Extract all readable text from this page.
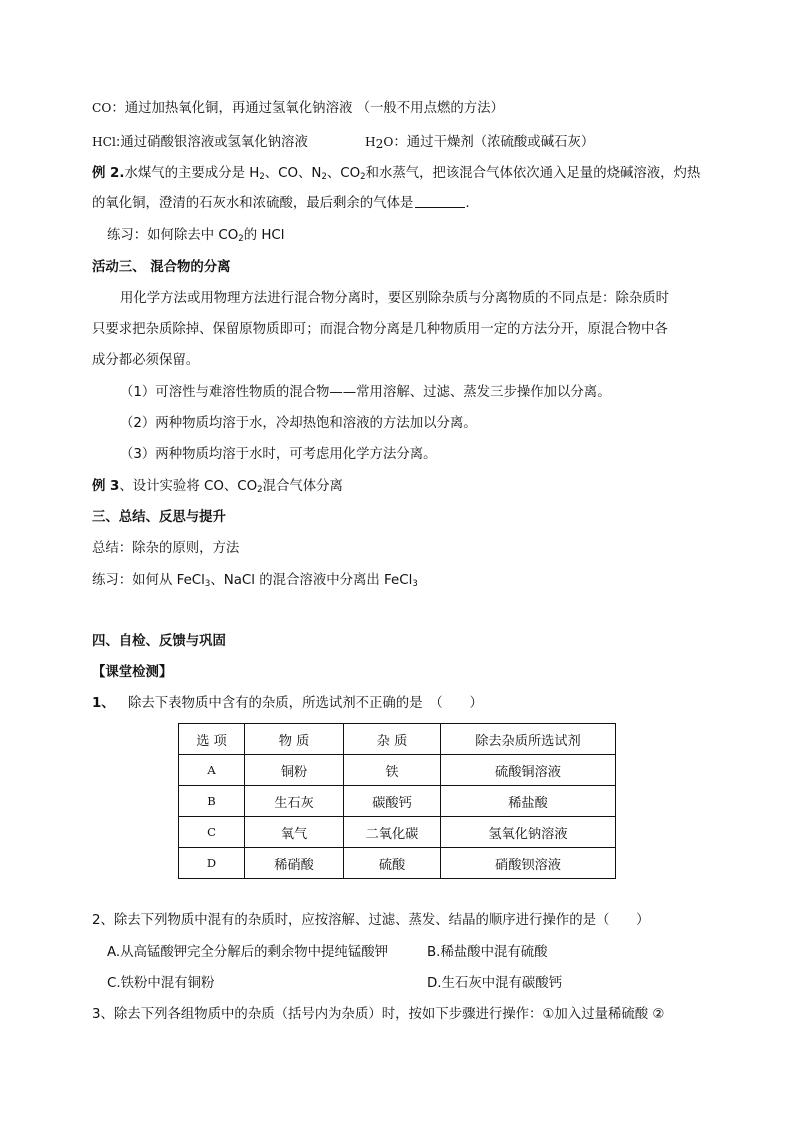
CO：通过加热氧化铜，再通过氢氧化钠溶液 （一般不用点燃的方法）
HCl:通过硝酸银溶液或氢氧化钠溶液	$H_2O$：通过干燥剂（浓硫酸或碱石灰）
例 2.水煤气的主要成分是 $H_2$、CO、$N_2$、$CO_2$和水蒸气，把该混合气体依次通入足量的烧碱溶液，灼热
的氧化铜，澄清的石灰水和浓硫酸，最后剩余的气体是	.
练习：如何除去中 $CO_2$的 HCl
活动三、 混合物的分离
用化学方法或用物理方法进行混合物分离时，要区别除杂质与分离物质的不同点是：除杂质时
只要求把杂质除掉、保留原物质即可；而混合物分离是几种物质用一定的方法分开，原混合物中各
成分都必须保留。
（1）可溶性与难溶性物质的混合物——常用溶解、过滤、蒸发三步操作加以分离。
（2）两种物质均溶于水，冷却热饱和溶液的方法加以分离。
（3）两种物质均溶于水时，可考虑用化学方法分离。
例 3、设计实验将 CO、$CO_2$混合气体分离
三、总结、反思与提升
总结：除杂的原则，方法
练习：如何从 FeCl$_3$、NaCl 的混合溶液中分离出 FeCl$_3$
四、自检、反馈与巩固
【课堂检测】
1、 除去下表物质中含有的杂质，所选试剂不正确的是　（　　）
选 项	物 质	杂 质	除去杂质所选试剂
A	铜粉	铁	硫酸铜溶液
B	生石灰	碳酸钙	稀盐酸
C	氧气	二氧化碳	氢氧化钠溶液
D	稀硝酸	硫酸	硝酸钡溶液
2、除去下列物质中混有的杂质时，应按溶解、过滤、蒸发、结晶的顺序进行操作的是（　　）
A.从高锰酸钾完全分解后的剩余物中提纯锰酸钾	B.稀盐酸中混有硫酸
C.铁粉中混有铜粉	D.生石灰中混有碳酸钙
3、除去下列各组物质中的杂质（括号内为杂质）时，按如下步骤进行操作：①加入过量稀硫酸 ②
